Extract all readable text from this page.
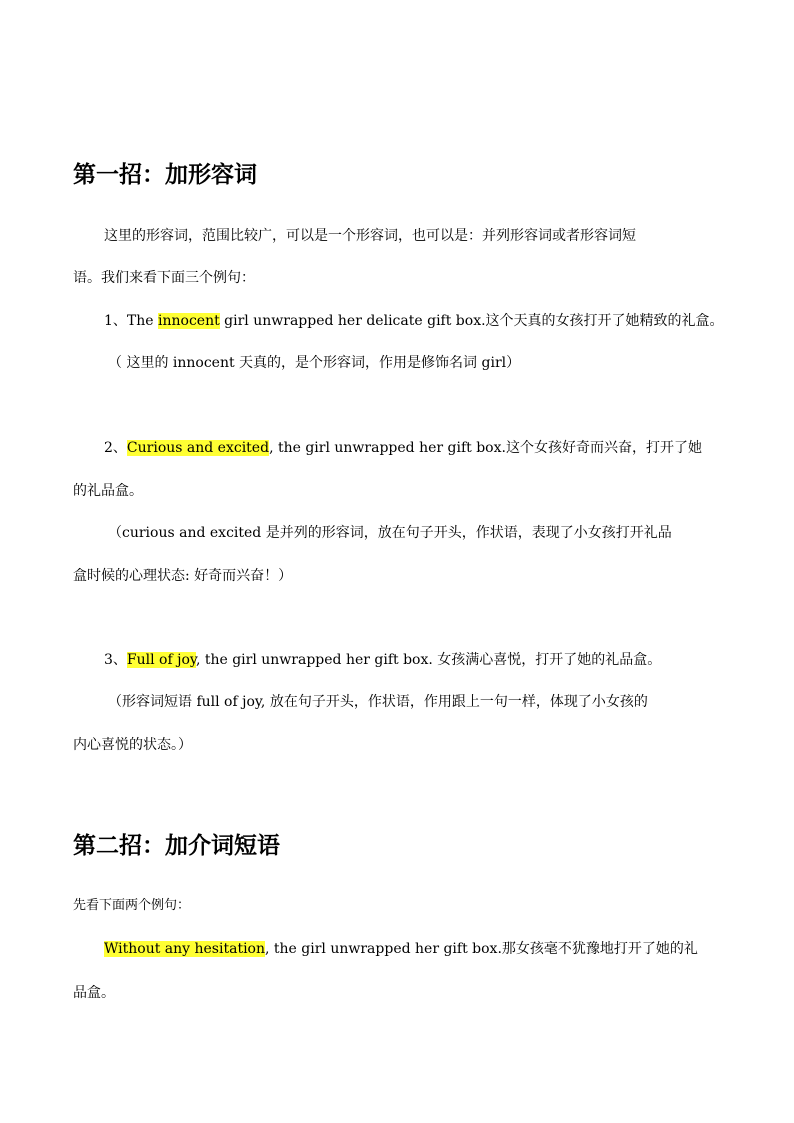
第一招：加形容词
这里的形容词，范围比较广，可以是一个形容词，也可以是：并列形容词或者形容词短
语。我们来看下面三个例句：
1、The innocent girl unwrapped her delicate gift box.这个天真的女孩打开了她精致的礼盒。
（ 这里的 innocent 天真的，是个形容词，作用是修饰名词 girl）
2、Curious and excited, the girl unwrapped her gift box.这个女孩好奇而兴奋，打开了她
的礼品盒。
（curious and excited 是并列的形容词，放在句子开头，作状语，表现了小女孩打开礼品
盒时候的心理状态: 好奇而兴奋！）
3、Full of joy, the girl unwrapped her gift box. 女孩满心喜悦，打开了她的礼品盒。
（形容词短语 full of joy, 放在句子开头，作状语，作用跟上一句一样，体现了小女孩的
内心喜悦的状态。）
第二招：加介词短语
先看下面两个例句：
Without any hesitation, the girl unwrapped her gift box.那女孩毫不犹豫地打开了她的礼
品盒。
